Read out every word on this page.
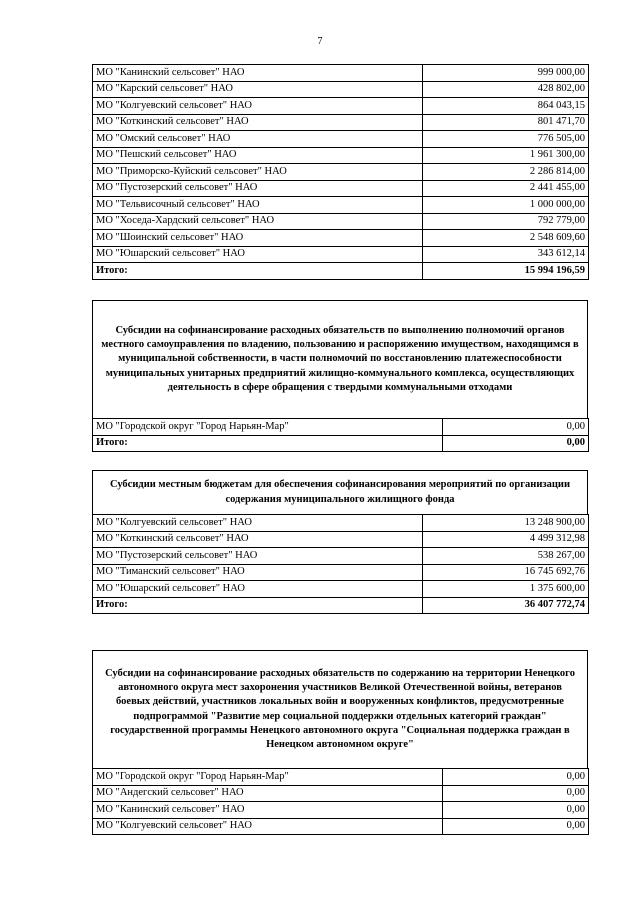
7
МО "Канинский сельсовет" НАО	999 000,00
МО "Карский сельсовет" НАО	428 802,00
МО "Колгуевский сельсовет" НАО	864 043,15
МО "Коткинский сельсовет" НАО	801 471,70
МО "Омский сельсовет" НАО	776 505,00
МО "Пешский сельсовет" НАО	1 961 300,00
МО "Приморско-Куйский сельсовет" НАО	2 286 814,00
МО "Пустозерский сельсовет" НАО	2 441 455,00
МО "Тельвисочный сельсовет" НАО	1 000 000,00
МО "Хоседа-Хардский сельсовет" НАО	792 779,00
МО "Шоинский сельсовет" НАО	2 548 609,60
МО "Юшарский сельсовет" НАО	343 612,14
Итого:	15 994 196,59
Субсидии на софинансирование расходных обязательств по выполнению полномочий органов местного самоуправления по владению, пользованию и распоряжению имуществом, находящимся в муниципальной собственности, в части полномочий по восстановлению платежеспособности муниципальных унитарных предприятий жилищно-коммунального комплекса, осуществляющих деятельность в сфере обращения с твердыми коммунальными отходами
МО "Городской округ "Город Нарьян-Мар"	0,00
Итого:	0,00
Субсидии местным бюджетам для обеспечения софинансирования мероприятий по организации содержания муниципального жилищного фонда
МО "Колгуевский сельсовет" НАО	13 248 900,00
МО "Коткинский сельсовет" НАО	4 499 312,98
МО "Пустозерский сельсовет" НАО	538 267,00
МО "Тиманский сельсовет" НАО	16 745 692,76
МО "Юшарский сельсовет" НАО	1 375 600,00
Итого:	36 407 772,74
Субсидии на софинансирование расходных обязательств по содержанию на территории Ненецкого автономного округа мест захоронения участников Великой Отечественной войны, ветеранов боевых действий, участников локальных войн и вооруженных конфликтов, предусмотренные подпрограммой "Развитие мер социальной поддержки отдельных категорий граждан" государственной программы Ненецкого автономного округа "Социальная поддержка граждан в Ненецком автономном округе"
МО "Городской округ "Город Нарьян-Мар"	0,00
МО "Андегский сельсовет" НАО	0,00
МО "Канинский сельсовет" НАО	0,00
МО "Колгуевский сельсовет" НАО	0,00
